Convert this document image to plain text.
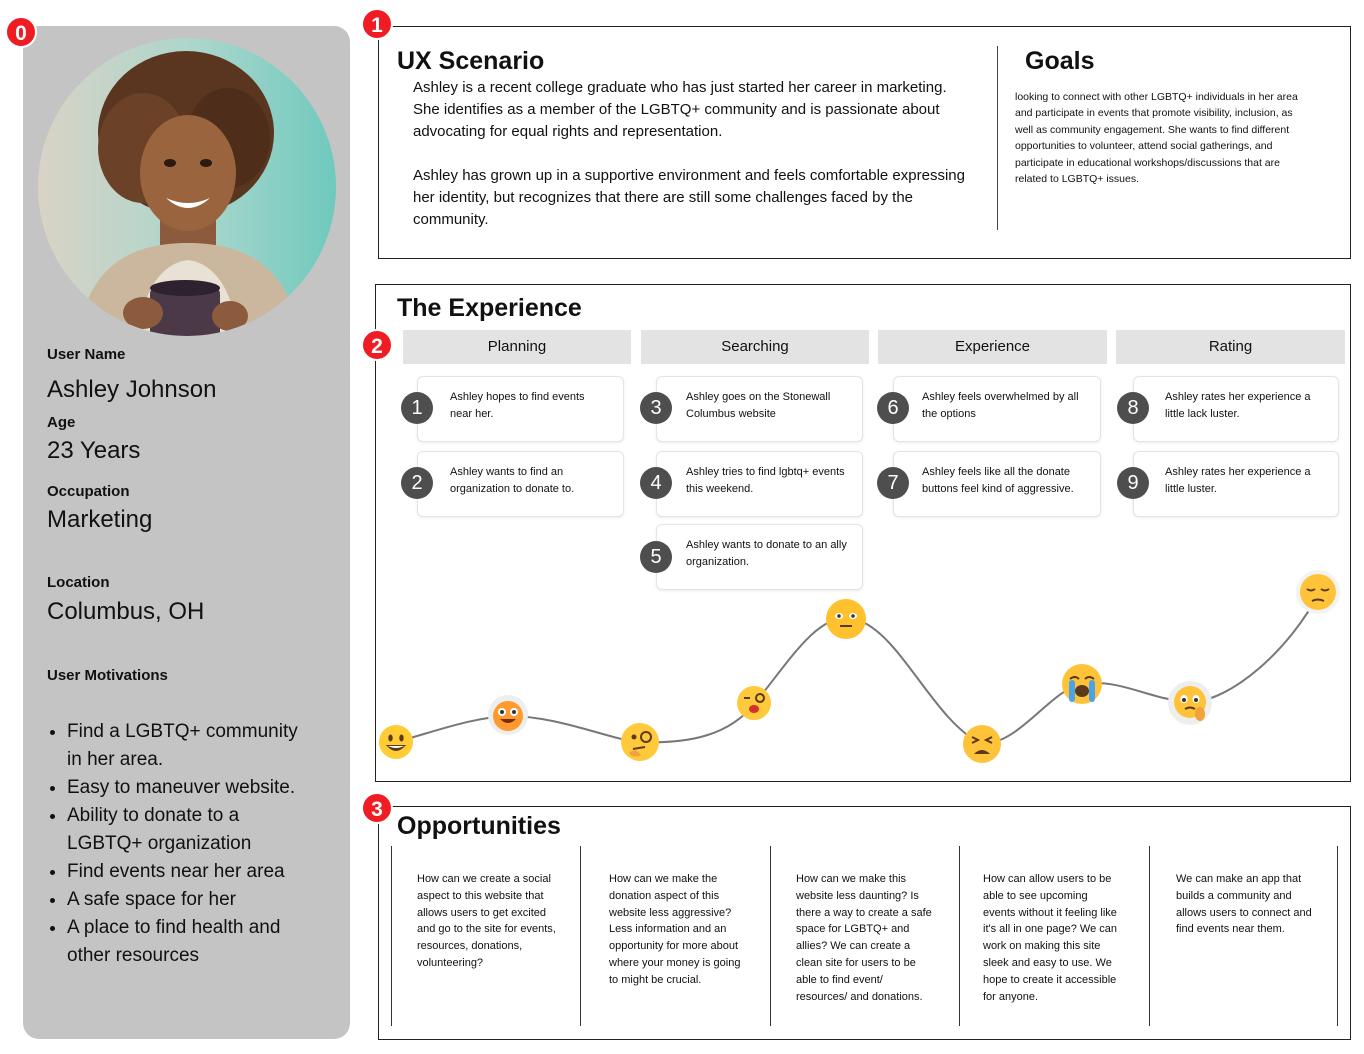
0	1
2
3
User Name
Ashley Johnson
Age
23 Years
Occupation
Marketing
Location
Columbus, OH
User Motivations
• Find a LGBTQ+ community in her area.
• Easy to maneuver website.
• Ability to donate to a LGBTQ+ organization
• Find events near her area
• A safe space for her
• A place to find health and other resources
UX Scenario

Ashley is a recent college graduate who has just started her career in marketing. She identifies as a member of the LGBTQ+ community and is passionate about advocating for equal rights and representation.

Ashley has grown up in a supportive environment and feels comfortable expressing her identity, but recognizes that there are still some challenges faced by the community.

Goals
looking to connect with other LGBTQ+ individuals in her area and participate in events that promote visibility, inclusion, as well as community engagement. She wants to find different opportunities to volunteer, attend social gatherings, and participate in educational workshops/discussions that are related to LGBTQ+ issues.
The Experience
Planning	Searching	Experience	Rating
Ashley hopes to find events near her.
1
Ashley wants to find an organization to donate to.
2
Ashley goes on the Stonewall Columbus website
3
Ashley tries to find lgbtq+ events this weekend.
4
Ashley wants to donate to an ally organization.
5
Ashley feels overwhelmed by all the options
6
Ashley feels like all the donate buttons feel kind of aggressive.
7
Ashley rates her experience a little lack luster.
8
Ashley rates her experience a little luster.
9
Opportunities
How can we create a social aspect to this website that allows users to get excited and go to the site for events, resources, donations, volunteering?
How can we make the donation aspect of this website less aggressive? Less information and an opportunity for more about where your money is going to might be crucial.
How can we make this website less daunting? Is there a way to create a safe space for LGBTQ+ and allies? We can create a clean site for users to be able to find event/ resources/ and donations.
How can allow users to be able to see upcoming events without it feeling like it's all in one page? We can work on making this site sleek and easy to use. We hope to create it accessible for anyone.
We can make an app that builds a community and allows users to connect and find events near them.
